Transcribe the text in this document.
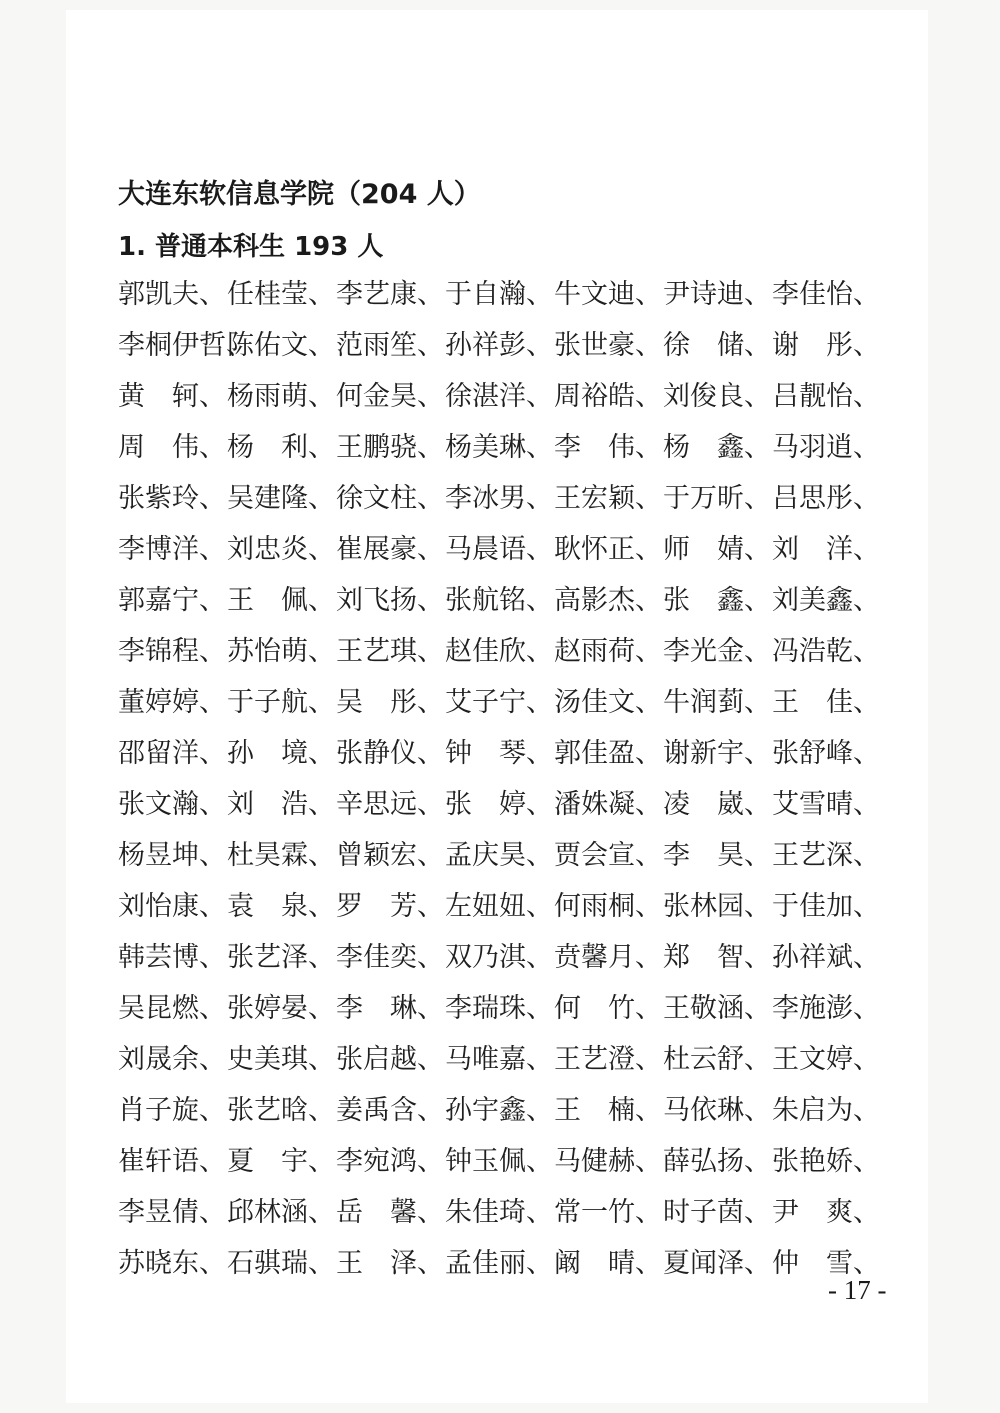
大连东软信息学院（204 人）
1. 普通本科生 193 人
郭凯夫、任桂莹、李艺康、于自瀚、牛文迪、尹诗迪、李佳怡、
李桐伊哲、陈佑文、范雨笙、孙祥彭、张世豪、徐　储、谢　彤、
黄　轲、杨雨萌、何金昊、徐湛洋、周裕皓、刘俊良、吕靓怡、
周　伟、杨　利、王鹏骁、杨美琳、李　伟、杨　鑫、马羽逍、
张紫玲、吴建隆、徐文柱、李冰男、王宏颖、于万昕、吕思彤、
李博洋、刘忠炎、崔展豪、马晨语、耿怀正、师　婧、刘　洋、
郭嘉宁、王　佩、刘飞扬、张航铭、高影杰、张　鑫、刘美鑫、
李锦程、苏怡萌、王艺琪、赵佳欣、赵雨荷、李光金、冯浩乾、
董婷婷、于子航、吴　彤、艾子宁、汤佳文、牛润菿、王　佳、
邵留洋、孙　境、张静仪、钟　琴、郭佳盈、谢新宇、张舒峰、
张文瀚、刘　浩、辛思远、张　婷、潘姝凝、凌　崴、艾雪晴、
杨昱坤、杜昊霖、曾颖宏、孟庆昊、贾会宣、李　昊、王艺深、
刘怡康、袁　泉、罗　芳、左妞妞、何雨桐、张林园、于佳加、
韩芸博、张艺泽、李佳奕、双乃淇、贲馨月、郑　智、孙祥斌、
吴昆燃、张婷晏、李　琳、李瑞珠、何　竹、王敬涵、李施澎、
刘晟余、史美琪、张启越、马唯嘉、王艺澄、杜云舒、王文婷、
肖子旋、张艺晗、姜禹含、孙宇鑫、王　楠、马依琳、朱启为、
崔轩语、夏　宇、李宛鸿、钟玉佩、马健赫、薛弘扬、张艳娇、
李昱倩、邱林涵、岳　馨、朱佳琦、常一竹、时子茵、尹　爽、
苏晓东、石骐瑞、王　泽、孟佳丽、阚　晴、夏闻泽、仲　雪、
- 17 -
